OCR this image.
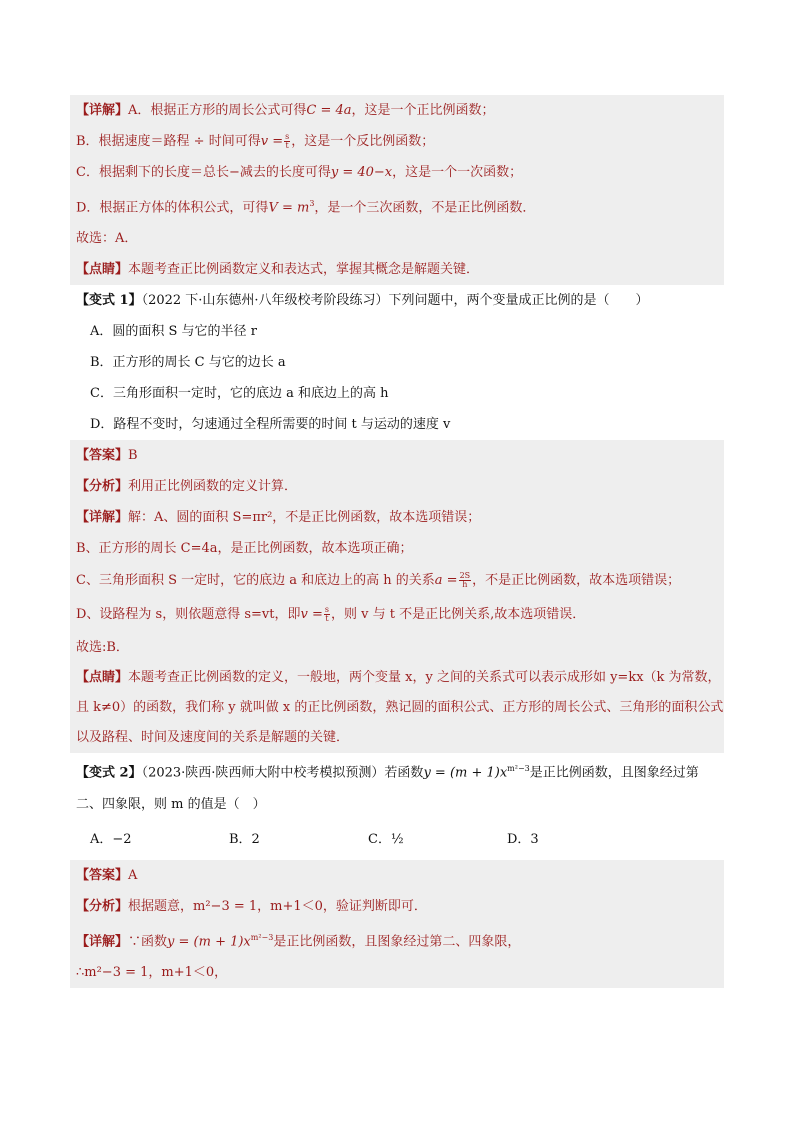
【详解】A．根据正方形的周长公式可得C = 4a，这是一个正比例函数；
B．根据速度＝路程 ÷ 时间可得$v = \frac{s}{t}$ ，这是一个反比例函数；
C．根据剩下的长度＝总长−减去的长度可得y = 40−x，这是一个一次函数；
D．根据正方体的体积公式，可得$V = m^3$，是一个三次函数，不是正比例函数．
故选：A．
【点睛】本题考查正比例函数定义和表达式，掌握其概念是解题关键．
【变式 1】（2022 下·山东德州·八年级校考阶段练习）下列问题中，两个变量成正比例的是（　　）
A．圆的面积 S 与它的半径 r
B．正方形的周长 C 与它的边长 a
C．三角形面积一定时，它的底边 a 和底边上的高 h
D．路程不变时，匀速通过全程所需要的时间 t 与运动的速度 v
【答案】B
【分析】利用正比例函数的定义计算．
【详解】解：A、圆的面积 S=πr²，不是正比例函数，故本选项错误；
B、正方形的周长 C=4a，是正比例函数，故本选项正确；
C、三角形面积 S 一定时，它的底边 a 和底边上的高 h 的关系$a = \frac{2S}{h}$ ，不是正比例函数，故本选项错误；
D、设路程为 s，则依题意得 s=vt，即$v = \frac{s}{t}$ ，则 v 与 t 不是正比例关系,故本选项错误．
故选:B．
【点睛】本题考查正比例函数的定义，一般地，两个变量 x，y 之间的关系式可以表示成形如 y=kx（k 为常数，且 k≠0）的函数，我们称 y 就叫做 x 的正比例函数，熟记圆的面积公式、正方形的周长公式、三角形的面积公式以及路程、时间及速度间的关系是解题的关键．
【变式 2】（2023·陕西·陕西师大附中校考模拟预测）若函数$y = (m + 1)x^{m^2-3}$是正比例函数，且图象经过第
二、四象限，则 m 的值是（　）
A．−2	B．2	C．½	D．3
【答案】A
【分析】根据题意，m²−3 = 1，m+1＜0，验证判断即可．
【详解】∵函数$y = (m + 1)x^{m^2-3}$是正比例函数，且图象经过第二、四象限，
∴m²−3 = 1，m+1＜0，
